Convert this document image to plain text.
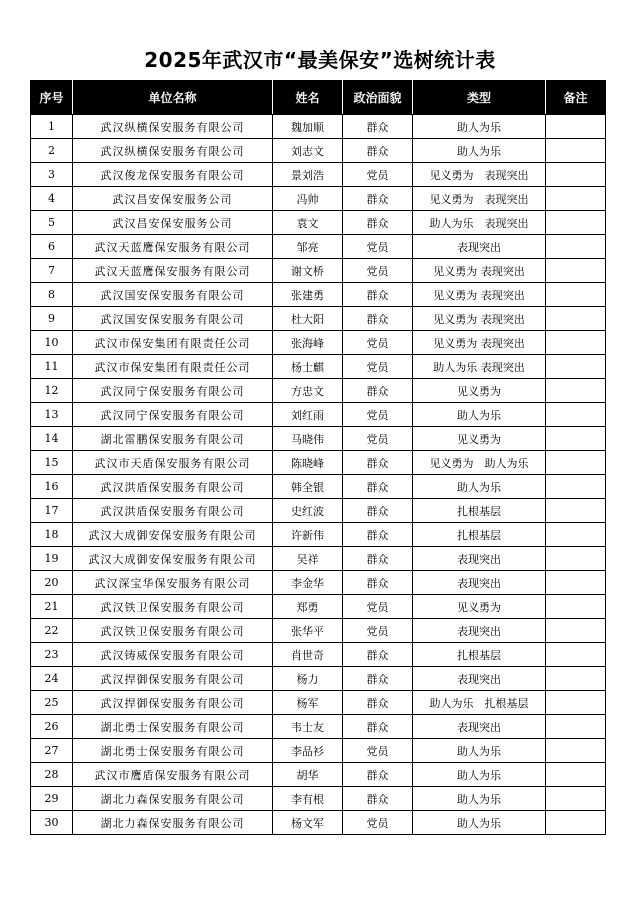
2025年武汉市“最美保安”选树统计表
序号	单位名称	姓名	政治面貌	类型	备注
1	武汉纵横保安服务有限公司	魏加顺	群众	助人为乐	
2	武汉纵横保安服务有限公司	刘志文	群众	助人为乐	
3	武汉俊龙保安服务有限公司	景刘浩	党员	见义勇为　表现突出	
4	武汉昌安保安服务公司	冯帅	群众	见义勇为　表现突出	
5	武汉昌安保安服务公司	袁文	群众	助人为乐　表现突出	
6	武汉天蓝鹰保安服务有限公司	邹亮	党员	表现突出	
7	武汉天蓝鹰保安服务有限公司	谢文桥	党员	见义勇为 表现突出	
8	武汉国安保安服务有限公司	张建勇	群众	见义勇为 表现突出	
9	武汉国安保安服务有限公司	杜大阳	群众	见义勇为 表现突出	
10	武汉市保安集团有限责任公司	张海峰	党员	见义勇为 表现突出	
11	武汉市保安集团有限责任公司	杨士麒	党员	助人为乐 表现突出	
12	武汉同宁保安服务有限公司	方忠文	群众	见义勇为	
13	武汉同宁保安服务有限公司	刘红雨	党员	助人为乐	
14	湖北雷鹏保安服务有限公司	马晓伟	党员	见义勇为	
15	武汉市天盾保安服务有限公司	陈晓峰	群众	见义勇为　助人为乐	
16	武汉洪盾保安服务有限公司	韩全银	群众	助人为乐	
17	武汉洪盾保安服务有限公司	史红波	群众	扎根基层	
18	武汉大成御安保安服务有限公司	许新伟	群众	扎根基层	
19	武汉大成御安保安服务有限公司	吴祥	群众	表现突出	
20	武汉深宝华保安服务有限公司	李金华	群众	表现突出	
21	武汉铁卫保安服务有限公司	郑勇	党员	见义勇为	
22	武汉铁卫保安服务有限公司	张华平	党员	表现突出	
23	武汉铸威保安服务有限公司	肖世奇	群众	扎根基层	
24	武汉捍御保安服务有限公司	杨力	群众	表现突出	
25	武汉捍御保安服务有限公司	杨军	群众	助人为乐　扎根基层	
26	湖北勇士保安服务有限公司	韦士友	群众	表现突出	
27	湖北勇士保安服务有限公司	李品衫	党员	助人为乐	
28	武汉市鹰盾保安服务有限公司	胡华	群众	助人为乐	
29	湖北力森保安服务有限公司	李有根	群众	助人为乐	
30	湖北力森保安服务有限公司	杨文军	党员	助人为乐	
